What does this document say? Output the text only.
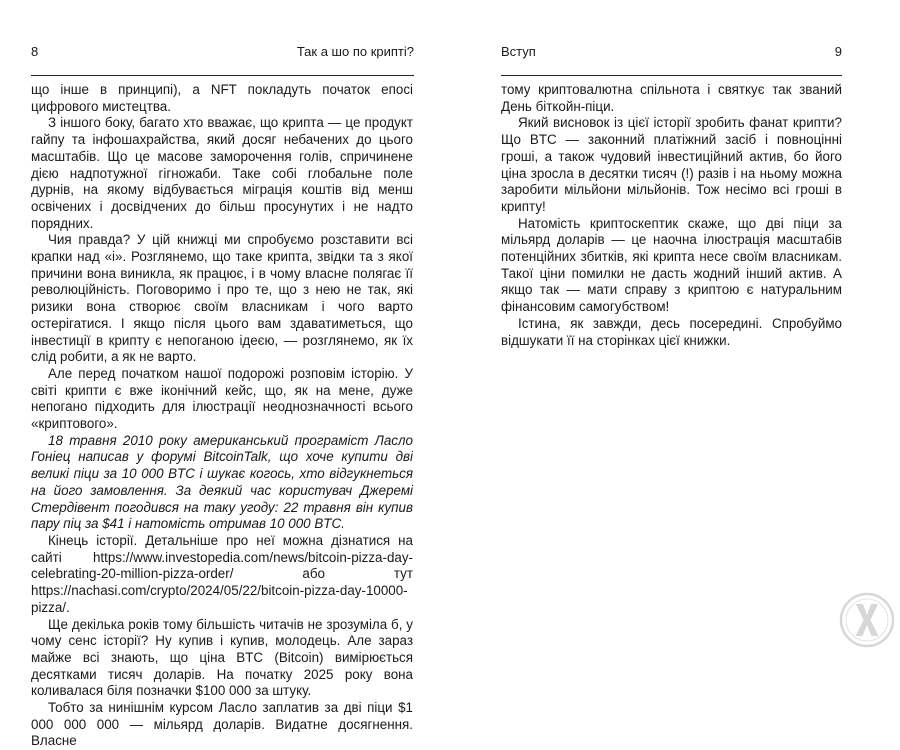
8	Так а шо по крипті?

що інше в принципі), а NFT покладуть початок епосі цифрового мистецтва.

З іншого боку, багато хто вважає, що крипта — це продукт гайпу та інфошахрайства, який досяг небачених до цього масштабів. Що це масове заморочення голів, спричинене дією надпотужної гігножаби. Таке собі глобальне поле дурнів, на якому відбувається міграція коштів від менш освічених і досвідчених до більш просунутих і не надто порядних.

Чия правда? У цій книжці ми спробуємо розставити всі крапки над «і». Розглянемо, що таке крипта, звідки та з якої причини вона виникла, як працює, і в чому власне полягає її революційність. Поговоримо і про те, що з нею не так, які ризики вона створює своїм власникам і чого варто остерігатися. І якщо після цього вам здаватиметься, що інвестиції в крипту є непоганою ідеєю, — розглянемо, як їх слід робити, а як не варто.

Але перед початком нашої подорожі розповім історію. У світі крипти є вже іконічний кейс, що, як на мене, дуже непогано підходить для ілюстрації неоднозначності всього «криптового».

18 травня 2010 року американський програміст Ласло Гоніец написав у форумі BitcoinTalk, що хоче купити дві великі піци за 10 000 BTC і шукає когось, хто відгукнеться на його замовлення. За деякий час користувач Джеремі Стердівент погодився на таку угоду: 22 травня він купив пару піц за $41 і натомість отримав 10 000 BTC.

Кінець історії. Детальніше про неї можна дізнатися на сайті https://www.investopedia.com/news/bitcoin-pizza-day-celebrating-20-million-pizza-order/ або тут https://nachasi.com/crypto/2024/05/22/bitcoin-pizza-day-10000-pizza/.

Ще декілька років тому більшість читачів не зрозуміла б, у чому сенс історії? Ну купив і купив, молодець. Але зараз майже всі знають, що ціна BTC (Bitcoin) вимірюється десятками тисяч доларів. На початку 2025 року вона коливалася біля позначки $100 000 за штуку.

Тобто за нинішнім курсом Ласло заплатив за дві піци $1 000 000 000 — мільярд доларів. Видатне досягнення. Власне

Вступ	9

тому криптовалютна спільнота і святкує так званий День біткойн-піци.

Який висновок із цієї історії зробить фанат крипти? Що BTC — законний платіжний засіб і повноцінні гроші, а також чудовий інвестиційний актив, бо його ціна зросла в десятки тисяч (!) разів і на ньому можна заробити мільйони мільйонів. Тож несімо всі гроші в крипту!

Натомість криптоскептик скаже, що дві піци за мільярд доларів — це наочна ілюстрація масштабів потенційних збитків, які крипта несе своїм власникам. Такої ціни помилки не дасть жодний інший актив. А якщо так — мати справу з криптою є натуральним фінансовим самогубством!

Істина, як завжди, десь посередині. Спробуймо відшукати її на сторінках цієї книжки.
